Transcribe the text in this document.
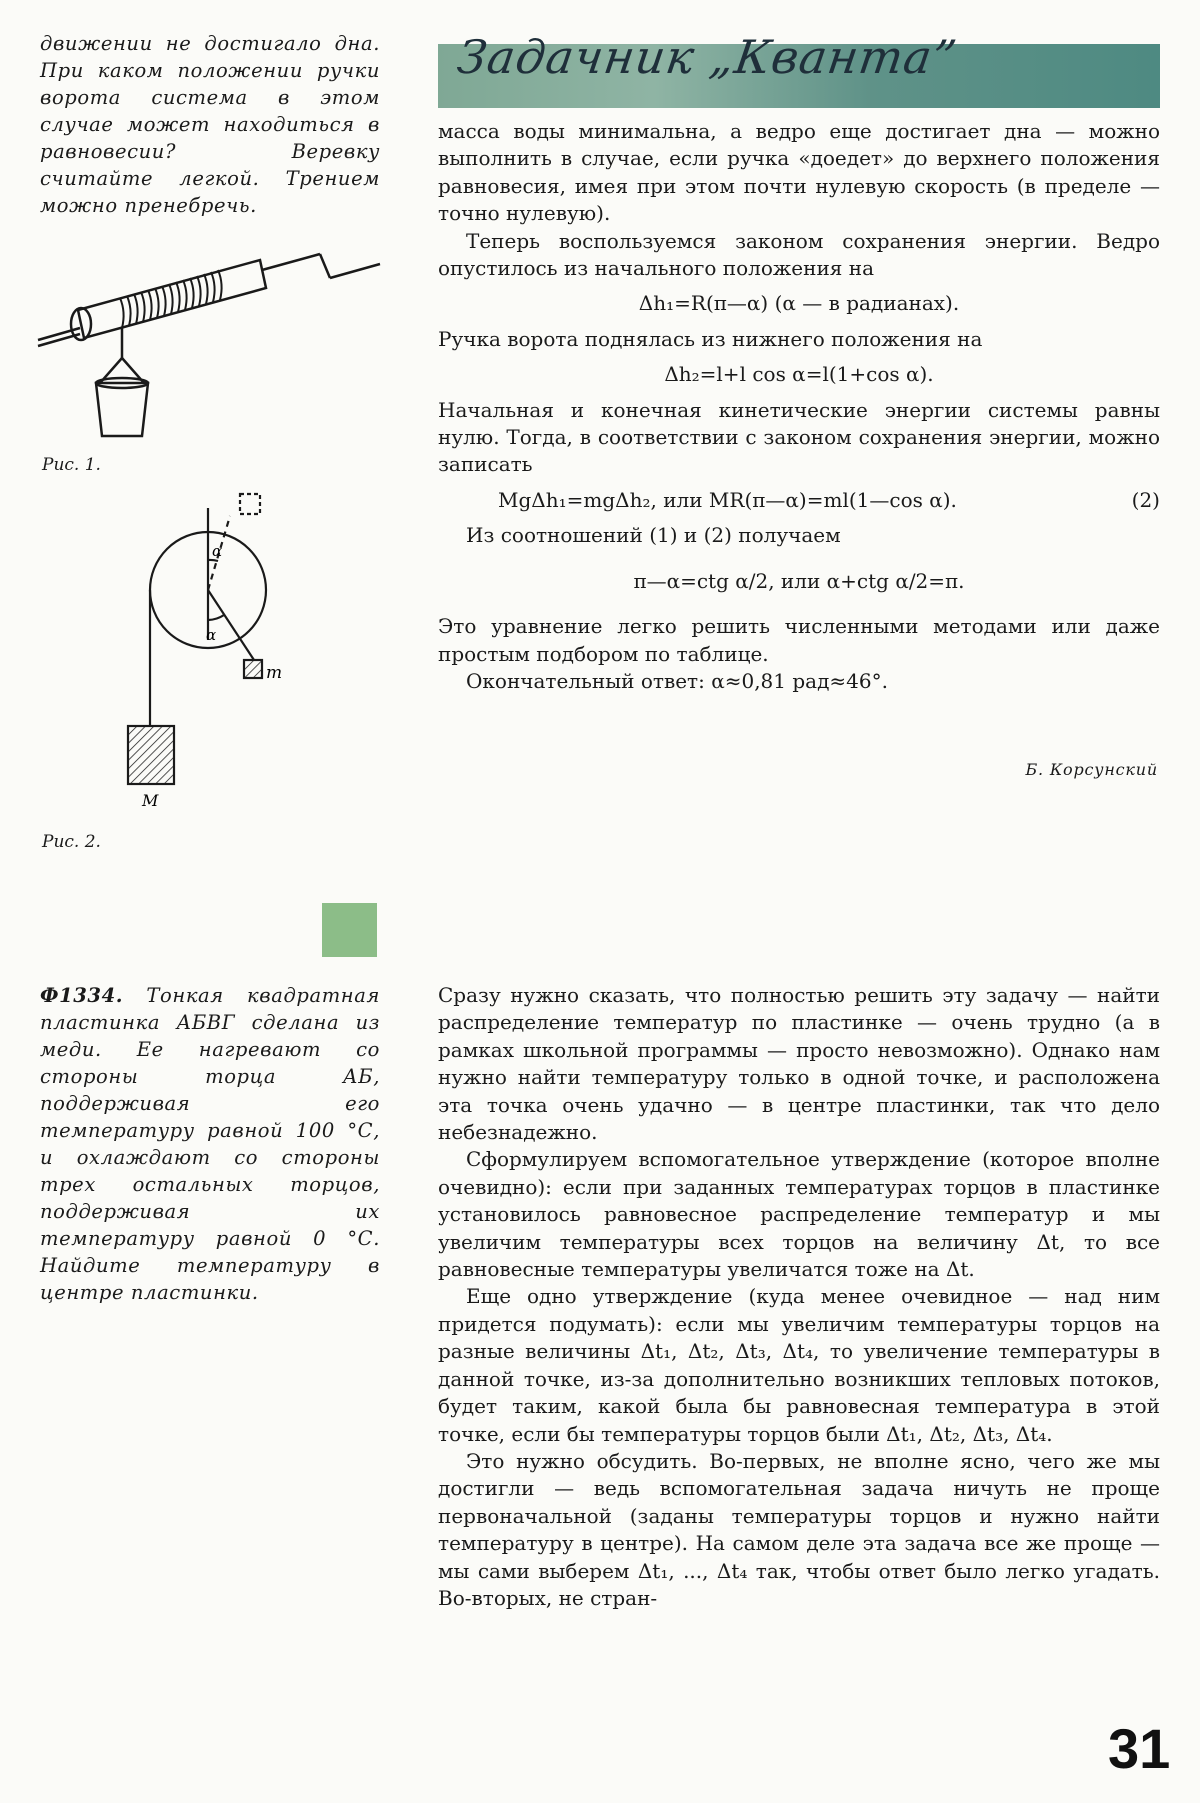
Задачник „Кванта”
движении не достигало дна. При каком положении ручки ворота система в этом случае может находиться в равновесии? Веревку считайте легкой. Трением можно пренебречь.
Рис. 1.
α
α
m
M
Рис. 2.

масса воды минимальна, а ведро еще достигает дна — можно выполнить в случае, если ручка «доедет» до верхнего положения равновесия, имея при этом почти нулевую скорость (в пределе — точно нулевую).

Теперь воспользуемся законом сохранения энергии. Ведро опустилось из начального положения на

Δh₁=R(π—α) (α — в радианах).

Ручка ворота поднялась из нижнего положения на

Δh₂=l+l cos α=l(1+cos α).

Начальная и конечная кинетические энергии системы равны нулю. Тогда, в соответствии с законом сохранения энергии, можно записать

MgΔh₁=mgΔh₂, или MR(π—α)=ml(1—cos α).	(2)

Из соотношений (1) и (2) получаем

π—α=ctg α/2, или α+ctg α/2=π.

Это уравнение легко решить численными методами или даже простым подбором по таблице.

Окончательный ответ: α≈0,81 рад≈46°.

Б. Корсунский
Ф1334. Тонкая квадратная пластинка АБВГ сделана из меди. Ее нагревают со стороны торца АБ, поддерживая его температуру равной 100 °С, и охлаждают со стороны трех остальных торцов, поддерживая их температуру равной 0 °С. Найдите температуру в центре пластинки.

Сразу нужно сказать, что полностью решить эту задачу — найти распределение температур по пластинке — очень трудно (а в рамках школьной программы — просто невозможно). Однако нам нужно найти температуру только в одной точке, и расположена эта точка очень удачно — в центре пластинки, так что дело небезнадежно.

Сформулируем вспомогательное утверждение (которое вполне очевидно): если при заданных температурах торцов в пластинке установилось равновесное распределение температур и мы увеличим температуры всех торцов на величину Δt, то все равновесные температуры увеличатся тоже на Δt.

Еще одно утверждение (куда менее очевидное — над ним придется подумать): если мы увеличим температуры торцов на разные величины Δt₁, Δt₂, Δt₃, Δt₄, то увеличение температуры в данной точке, из-за дополнительно возникших тепловых потоков, будет таким, какой была бы равновесная температура в этой точке, если бы температуры торцов были Δt₁, Δt₂, Δt₃, Δt₄.

Это нужно обсудить. Во-первых, не вполне ясно, чего же мы достигли — ведь вспомогательная задача ничуть не проще первоначальной (заданы температуры торцов и нужно найти температуру в центре). На самом деле эта задача все же проще — мы сами выберем Δt₁, ..., Δt₄ так, чтобы ответ было легко угадать. Во-вторых, не стран-

31
